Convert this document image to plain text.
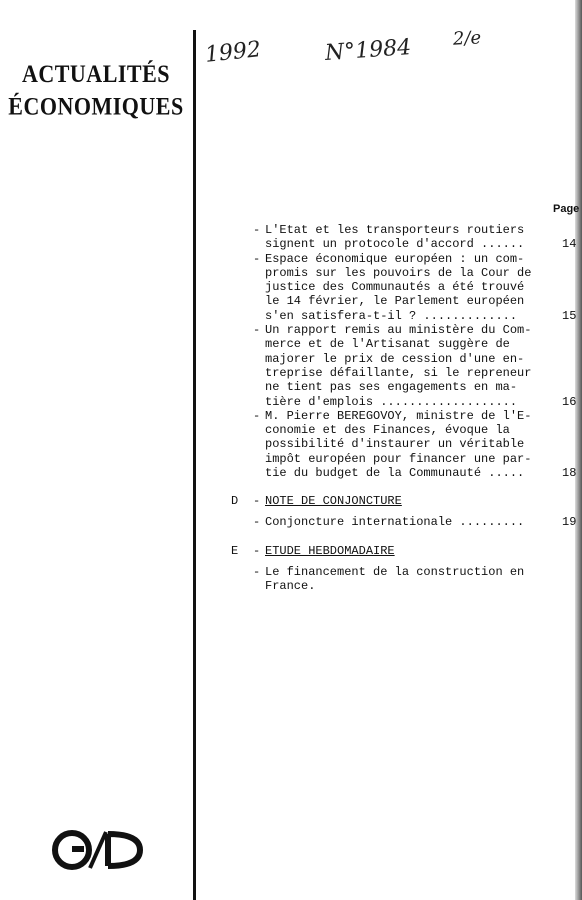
ACTUALITÉS
ÉCONOMIQUES
1992	N°1984 2/e
Page
- L'Etat et les transporteurs routiers
signent un protocole d'accord ......	14
- Espace économique européen : un com-
promis sur les pouvoirs de la Cour de
justice des Communautés a été trouvé
le 14 février, le Parlement européen
s'en satisfera-t-il ? .............	15
- Un rapport remis au ministère du Com-
merce et de l'Artisanat suggère de
majorer le prix de cession d'une en-
treprise défaillante, si le repreneur
ne tient pas ses engagements en ma-
tière d'emplois ...................	16
- M. Pierre BEREGOVOY, ministre de l'E-
conomie et des Finances, évoque la
possibilité d'instaurer un véritable
impôt européen pour financer une par-
tie du budget de la Communauté .....	18
D - NOTE DE CONJONCTURE
- Conjoncture internationale .........	19
E - ETUDE HEBDOMADAIRE
- Le financement de la construction en
France.
